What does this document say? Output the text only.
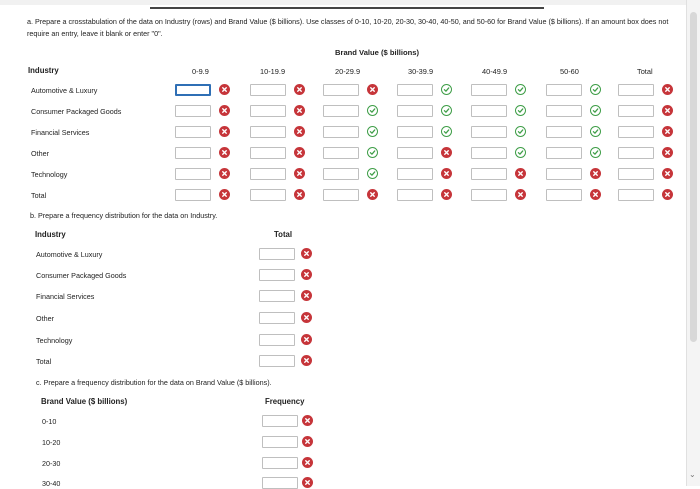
a. Prepare a crosstabulation of the data on Industry (rows) and Brand Value ($ billions). Use classes of 0-10, 10-20, 20-30, 30-40, 40-50, and 50-60 for Brand Value ($ billions). If an amount box does not require an entry, leave it blank or enter "0".
Brand Value ($ billions)
Industry	0-9.9	10-19.9	20-29.9	30-39.9	40-49.9	50-60	Total
Automotive & Luxury
Consumer Packaged Goods
Financial Services
Other
Technology
Total
b. Prepare a frequency distribution for the data on Industry.
Industry	Total
Automotive & Luxury
Consumer Packaged Goods
Financial Services
Other
Technology
Total
c. Prepare a frequency distribution for the data on Brand Value ($ billions).
Brand Value ($ billions)	Frequency
0-10
10-20
20-30
30-40
⌄
